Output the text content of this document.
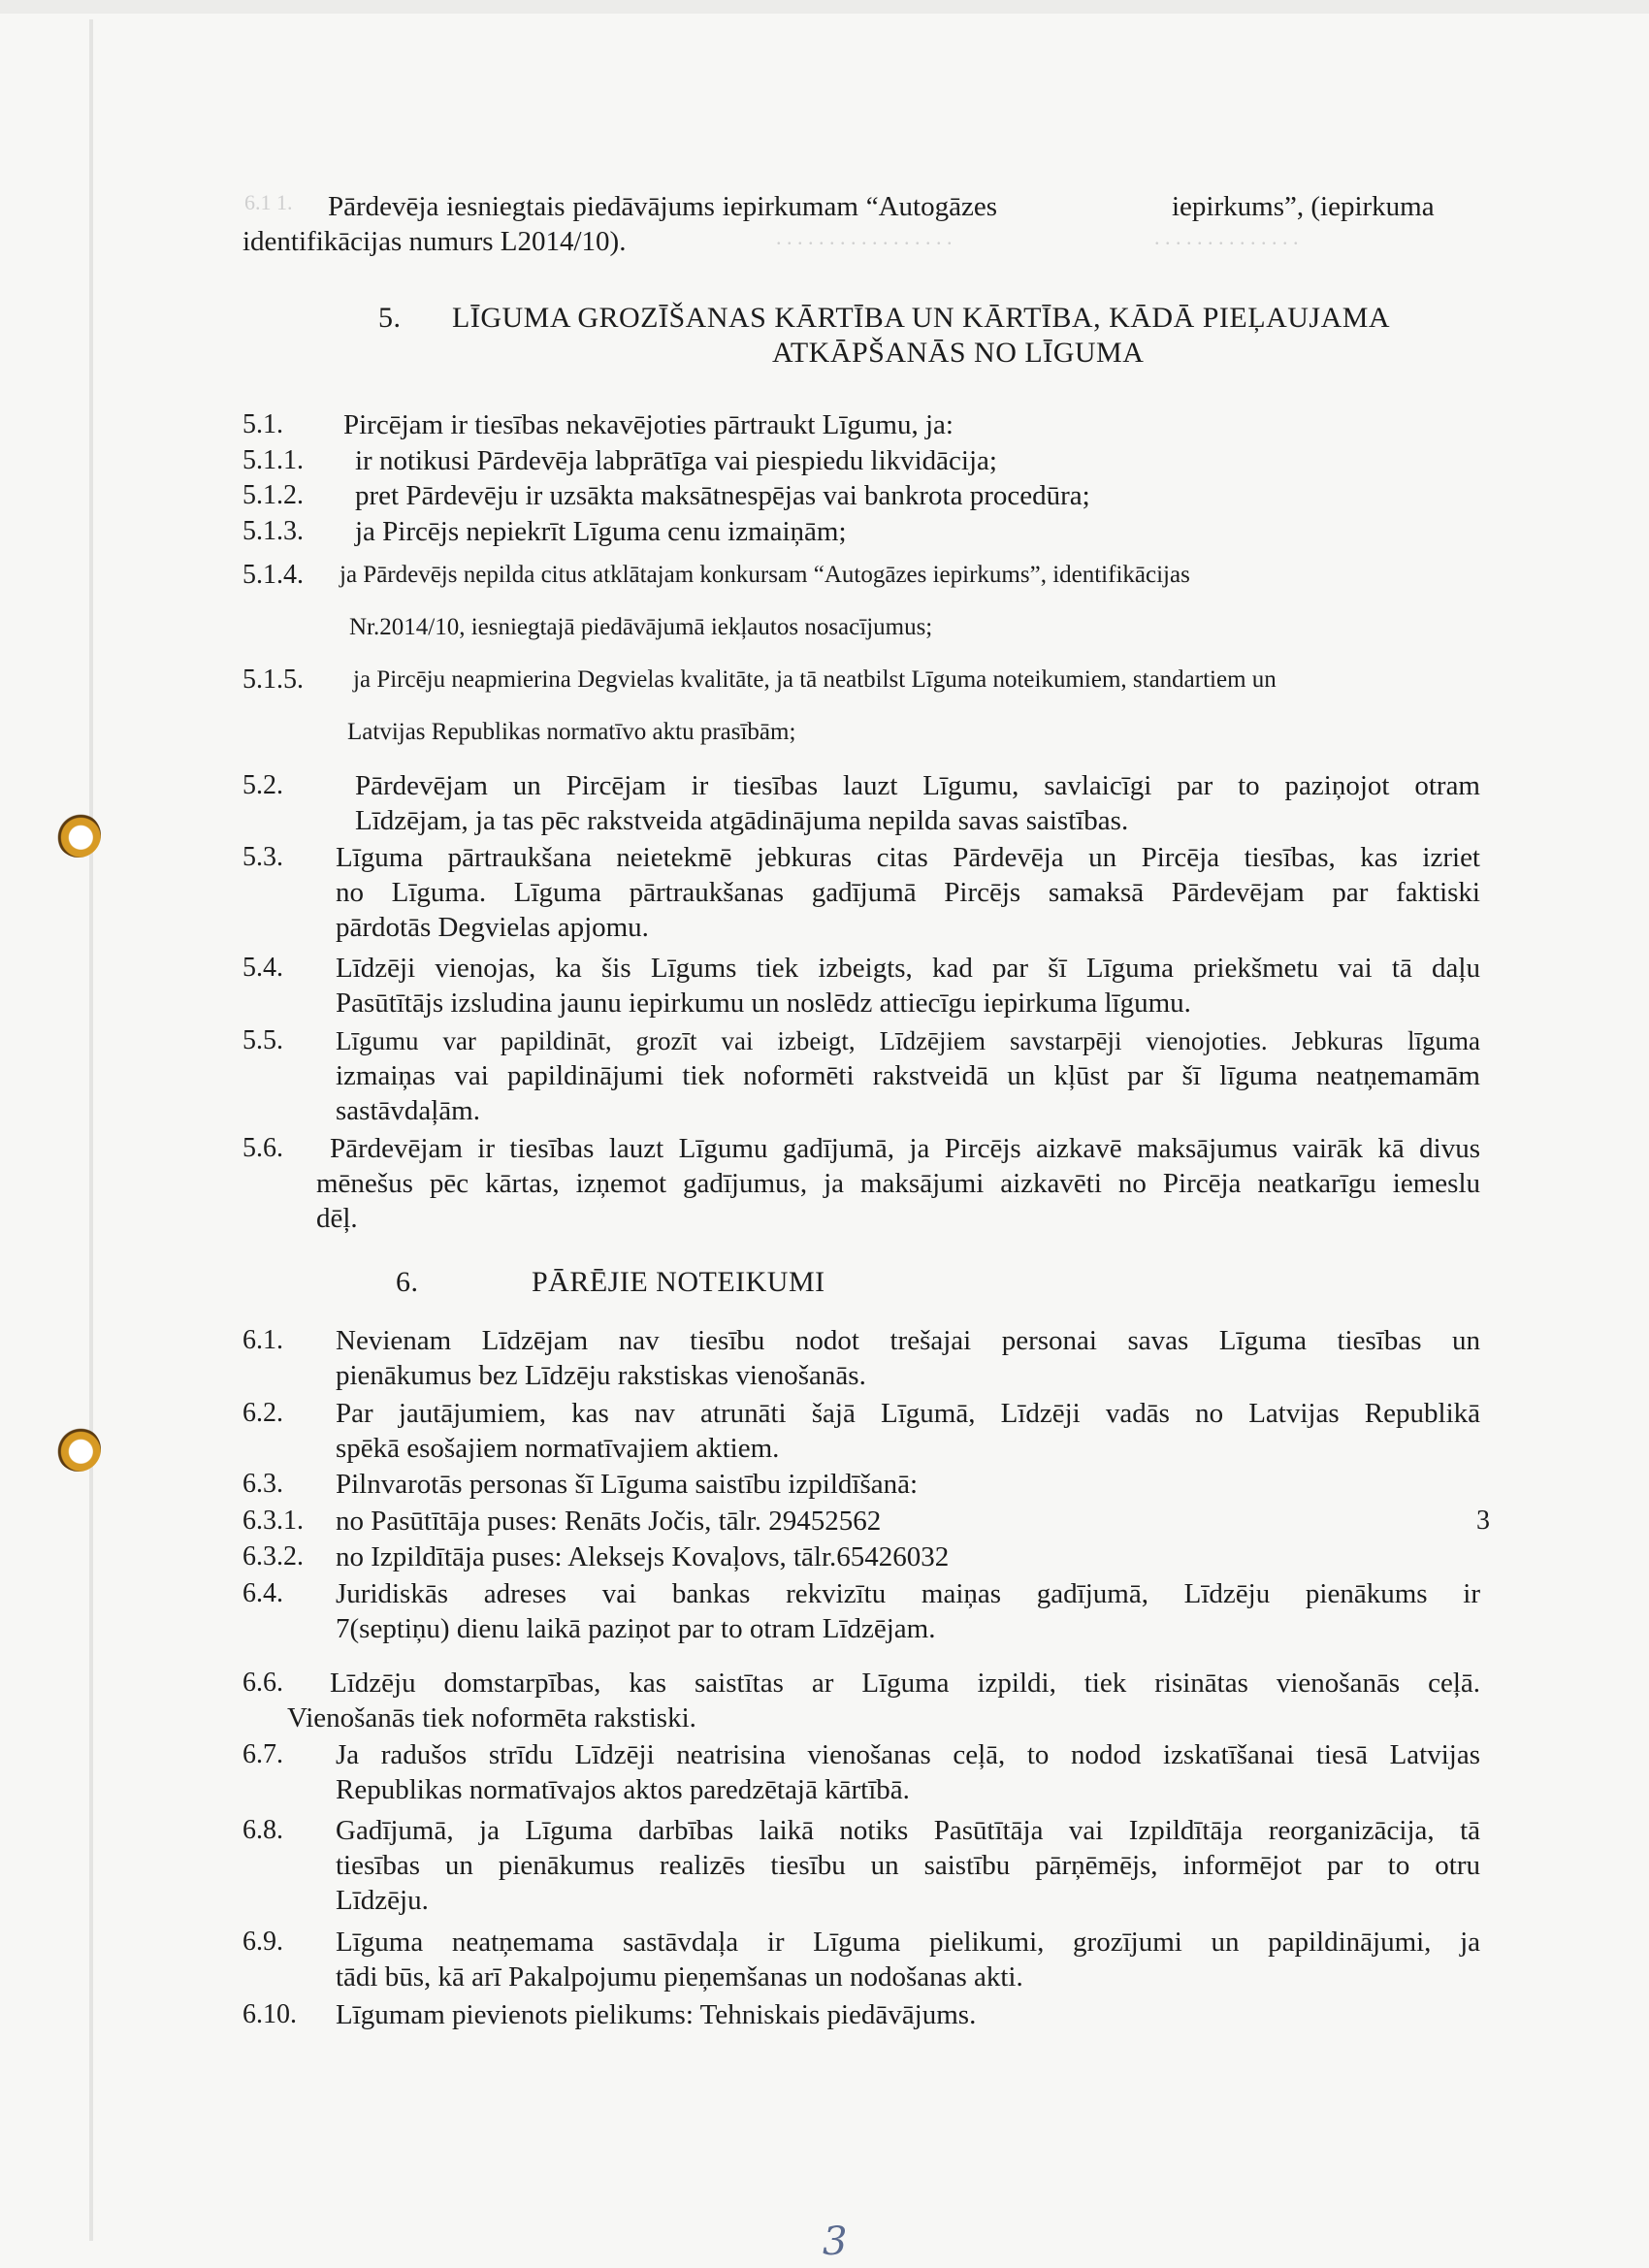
6.1 1.
. . . . . . . . . . . . . . . . .	. . . . . . . . . . . . . .
Pārdevēja iesniegtais piedāvājums iepirkumam “Autogāzes	iepirkums”, (iepirkuma
identifikācijas numurs L2014/10).
5. LĪGUMA GROZĪŠANAS KĀRTĪBA UN KĀRTĪBA, KĀDĀ PIEĻAUJAMA
ATKĀPŠANĀS NO LĪGUMA
5.1. Pircējam ir tiesības nekavējoties pārtraukt Līgumu, ja:
5.1.1. ir notikusi Pārdevēja labprātīga vai piespiedu likvidācija;
5.1.2. pret Pārdevēju ir uzsākta maksātnespējas vai bankrota procedūra;
5.1.3. ja Pircējs nepiekrīt Līguma cenu izmaiņām;
5.1.4. ja Pārdevējs nepilda citus atklātajam konkursam “Autogāzes iepirkums”, identifikācijas
Nr.2014/10, iesniegtajā piedāvājumā iekļautos nosacījumus;
5.1.5. ja Pircēju neapmierina Degvielas kvalitāte, ja tā neatbilst Līguma noteikumiem, standartiem un
Latvijas Republikas normatīvo aktu prasībām;
5.2.	Pārdevējam un Pircējam ir tiesības lauzt Līgumu, savlaicīgi par to paziņojot otram
Līdzējam, ja tas pēc rakstveida atgādinājuma nepilda savas saistības.
5.3. Līguma pārtraukšana neietekmē jebkuras citas Pārdevēja un Pircēja tiesības, kas izriet
no Līguma. Līguma pārtraukšanas gadījumā Pircējs samaksā Pārdevējam par faktiski
pārdotās Degvielas apjomu.
5.4. Līdzēji vienojas, ka šis Līgums tiek izbeigts, kad par šī Līguma priekšmetu vai tā daļu
Pasūtītājs izsludina jaunu iepirkumu un noslēdz attiecīgu iepirkuma līgumu.
5.5. Līgumu var papildināt, grozīt vai izbeigt, Līdzējiem savstarpēji vienojoties. Jebkuras līguma
izmaiņas vai papildinājumi tiek noformēti rakstveidā un kļūst par šī līguma neatņemamām
sastāvdaļām.
5.6. Pārdevējam ir tiesības lauzt Līgumu gadījumā, ja Pircējs aizkavē maksājumus vairāk kā divus
mēnešus pēc kārtas, izņemot gadījumus, ja maksājumi aizkavēti no Pircēja neatkarīgu iemeslu
dēļ.
6.	PĀRĒJIE NOTEIKUMI
6.1. Nevienam Līdzējam nav tiesību nodot trešajai personai savas Līguma tiesības un
pienākumus bez Līdzēju rakstiskas vienošanās.
6.2. Par jautājumiem, kas nav atrunāti šajā Līgumā, Līdzēji vadās no Latvijas Republikā
spēkā esošajiem normatīvajiem aktiem.
6.3. Pilnvarotās personas šī Līguma saistību izpildīšanā:
3
6.3.1. no Pasūtītāja puses: Renāts Jočis, tālr. 29452562
6.3.2. no Izpildītāja puses: Aleksejs Kovaļovs, tālr.65426032
6.4. Juridiskās adreses vai bankas rekvizītu maiņas gadījumā, Līdzēju pienākums ir
7(septiņu) dienu laikā paziņot par to otram Līdzējam.
6.6. Līdzēju domstarpības, kas saistītas ar Līguma izpildi, tiek risinātas vienošanās ceļā.
Vienošanās tiek noformēta rakstiski.
6.7. Ja radušos strīdu Līdzēji neatrisina vienošanas ceļā, to nodod izskatīšanai tiesā Latvijas
Republikas normatīvajos aktos paredzētajā kārtībā.
6.8. Gadījumā, ja Līguma darbības laikā notiks Pasūtītāja vai Izpildītāja reorganizācija, tā
tiesības un pienākumus realizēs tiesību un saistību pārņēmējs, informējot par to otru
Līdzēju.
6.9. Līguma neatņemama sastāvdaļa ir Līguma pielikumi, grozījumi un papildinājumi, ja
tādi būs, kā arī Pakalpojumu pieņemšanas un nodošanas akti.
6.10. Līgumam pievienots pielikums: Tehniskais piedāvājums.
3
